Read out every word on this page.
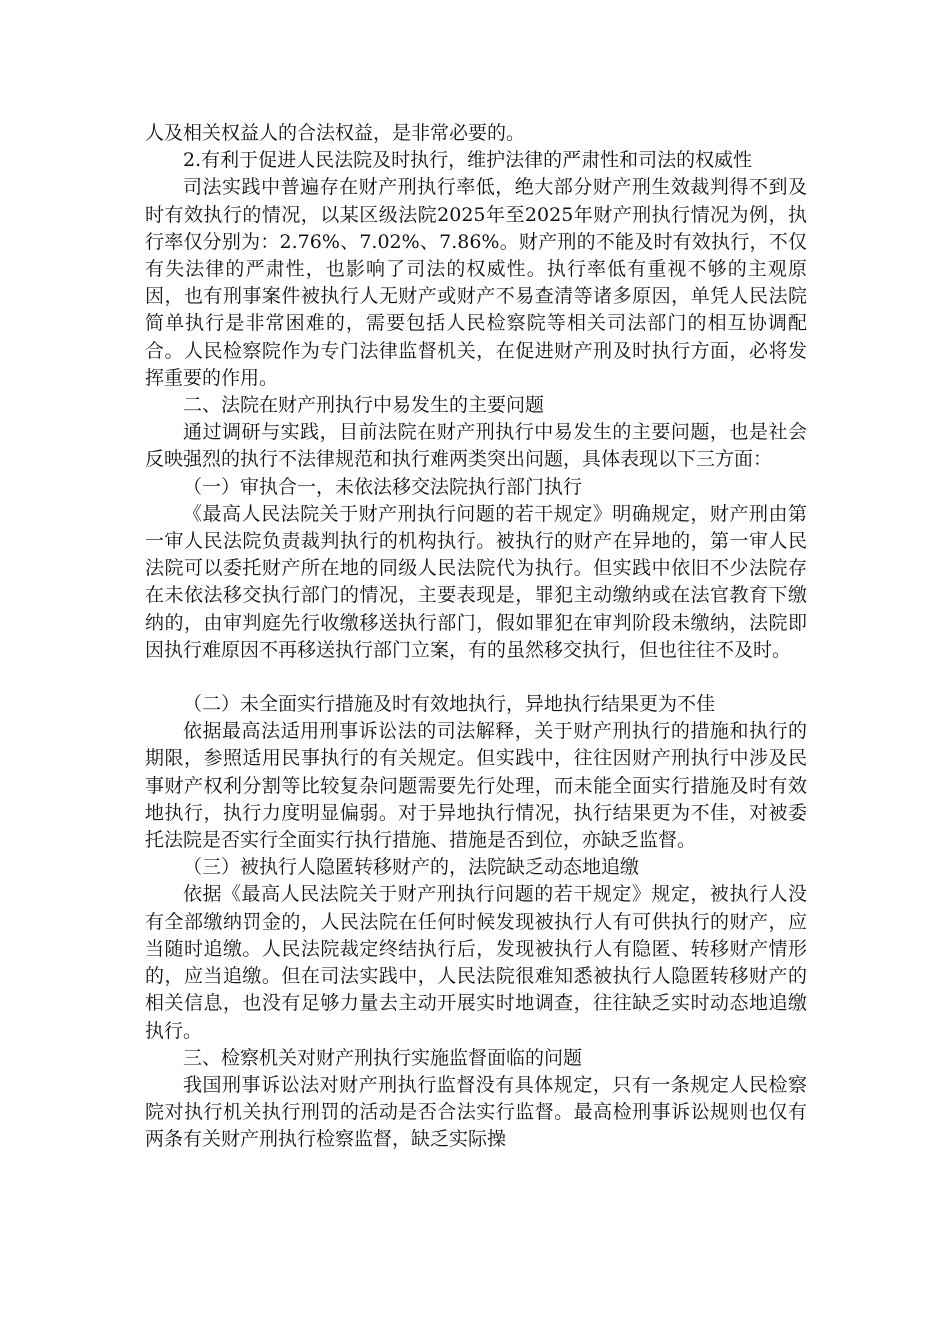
人及相关权益人的合法权益，是非常必要的。

2.有利于促进人民法院及时执行，维护法律的严肃性和司法的权威性

司法实践中普遍存在财产刑执行率低，绝大部分财产刑生效裁判得不到及时有效执行的情况，以某区级法院2025年至2025年财产刑执行情况为例，执行率仅分别为：2.76%、7.02%、7.86%。财产刑的不能及时有效执行，不仅有失法律的严肃性，也影响了司法的权威性。执行率低有重视不够的主观原因，也有刑事案件被执行人无财产或财产不易查清等诸多原因，单凭人民法院简单执行是非常困难的，需要包括人民检察院等相关司法部门的相互协调配合。人民检察院作为专门法律监督机关，在促进财产刑及时执行方面，必将发挥重要的作用。

二、法院在财产刑执行中易发生的主要问题

通过调研与实践，目前法院在财产刑执行中易发生的主要问题，也是社会反映强烈的执行不法律规范和执行难两类突出问题，具体表现以下三方面：

（一）审执合一，未依法移交法院执行部门执行

《最高人民法院关于财产刑执行问题的若干规定》明确规定，财产刑由第一审人民法院负责裁判执行的机构执行。被执行的财产在异地的，第一审人民法院可以委托财产所在地的同级人民法院代为执行。但实践中依旧不少法院存在未依法移交执行部门的情况，主要表现是，罪犯主动缴纳或在法官教育下缴纳的，由审判庭先行收缴移送执行部门，假如罪犯在审判阶段未缴纳，法院即因执行难原因不再移送执行部门立案，有的虽然移交执行，但也往往不及时。

（二）未全面实行措施及时有效地执行，异地执行结果更为不佳

依据最高法适用刑事诉讼法的司法解释，关于财产刑执行的措施和执行的期限，参照适用民事执行的有关规定。但实践中，往往因财产刑执行中涉及民事财产权利分割等比较复杂问题需要先行处理，而未能全面实行措施及时有效地执行，执行力度明显偏弱。对于异地执行情况，执行结果更为不佳，对被委托法院是否实行全面实行执行措施、措施是否到位，亦缺乏监督。

（三）被执行人隐匿转移财产的，法院缺乏动态地追缴

依据《最高人民法院关于财产刑执行问题的若干规定》规定，被执行人没有全部缴纳罚金的，人民法院在任何时候发现被执行人有可供执行的财产，应当随时追缴。人民法院裁定终结执行后，发现被执行人有隐匿、转移财产情形的，应当追缴。但在司法实践中，人民法院很难知悉被执行人隐匿转移财产的相关信息，也没有足够力量去主动开展实时地调查，往往缺乏实时动态地追缴执行。

三、检察机关对财产刑执行实施监督面临的问题

我国刑事诉讼法对财产刑执行监督没有具体规定，只有一条规定人民检察院对执行机关执行刑罚的活动是否合法实行监督。最高检刑事诉讼规则也仅有两条有关财产刑执行检察监督，缺乏实际操
